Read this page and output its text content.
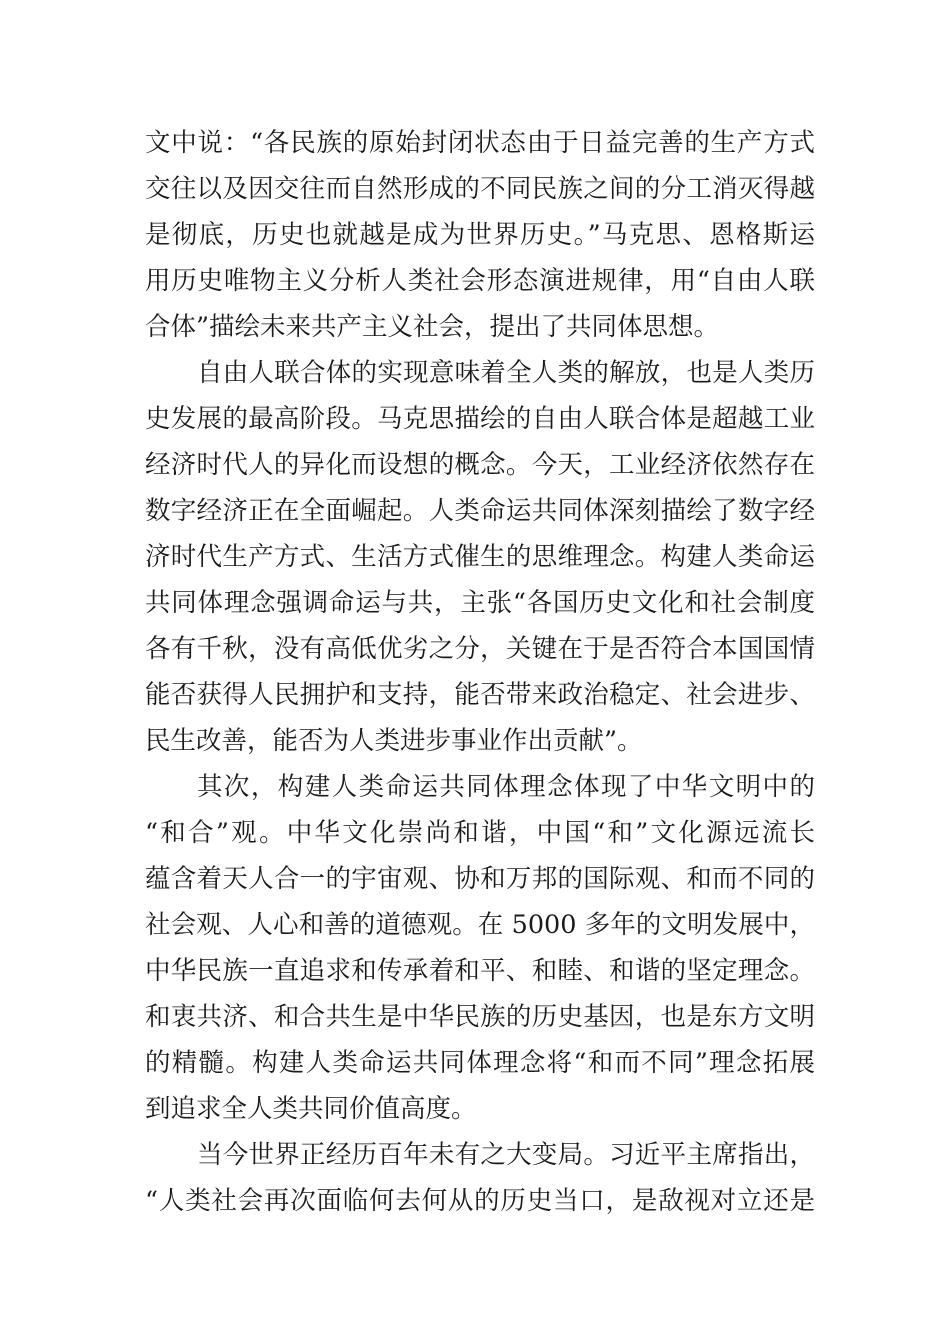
文中说：“各民族的原始封闭状态由于日益完善的生产方式
交往以及因交往而自然形成的不同民族之间的分工消灭得越
是彻底，历史也就越是成为世界历史。”马克思、恩格斯运
用历史唯物主义分析人类社会形态演进规律，用“自由人联
合体”描绘未来共产主义社会，提出了共同体思想。
自由人联合体的实现意味着全人类的解放，也是人类历
史发展的最高阶段。马克思描绘的自由人联合体是超越工业
经济时代人的异化而设想的概念。今天，工业经济依然存在
数字经济正在全面崛起。人类命运共同体深刻描绘了数字经
济时代生产方式、生活方式催生的思维理念。构建人类命运
共同体理念强调命运与共，主张“各国历史文化和社会制度
各有千秋，没有高低优劣之分，关键在于是否符合本国国情
能否获得人民拥护和支持，能否带来政治稳定、社会进步、
民生改善，能否为人类进步事业作出贡献”。
其次，构建人类命运共同体理念体现了中华文明中的
“和合”观。中华文化崇尚和谐，中国“和”文化源远流长
蕴含着天人合一的宇宙观、协和万邦的国际观、和而不同的
社会观、人心和善的道德观。在 5000 多年的文明发展中，
中华民族一直追求和传承着和平、和睦、和谐的坚定理念。
和衷共济、和合共生是中华民族的历史基因，也是东方文明
的精髓。构建人类命运共同体理念将“和而不同”理念拓展
到追求全人类共同价值高度。
当今世界正经历百年未有之大变局。习近平主席指出，
“人类社会再次面临何去何从的历史当口，是敌视对立还是
